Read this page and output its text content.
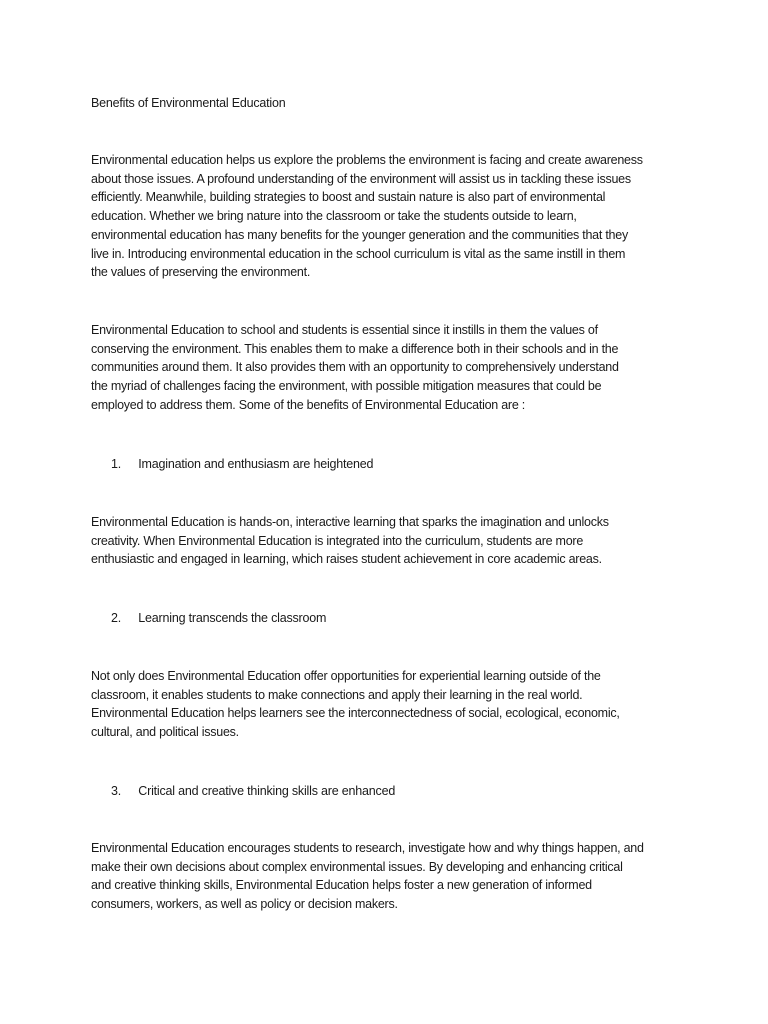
Benefits of Environmental Education

Environmental education helps us explore the problems the environment is facing and create awareness
about those issues. A profound understanding of the environment will assist us in tackling these issues
efficiently. Meanwhile, building strategies to boost and sustain nature is also part of environmental
education. Whether we bring nature into the classroom or take the students outside to learn,
environmental education has many benefits for the younger generation and the communities that they
live in. Introducing environmental education in the school curriculum is vital as the same instill in them
the values of preserving the environment.

Environmental Education to school and students is essential since it instills in them the values of
conserving the environment. This enables them to make a difference both in their schools and in the
communities around them. It also provides them with an opportunity to comprehensively understand
the myriad of challenges facing the environment, with possible mitigation measures that could be
employed to address them. Some of the benefits of Environmental Education are :

1. Imagination and enthusiasm are heightened

Environmental Education is hands-on, interactive learning that sparks the imagination and unlocks
creativity. When Environmental Education is integrated into the curriculum, students are more
enthusiastic and engaged in learning, which raises student achievement in core academic areas.

2. Learning transcends the classroom

Not only does Environmental Education offer opportunities for experiential learning outside of the
classroom, it enables students to make connections and apply their learning in the real world.
Environmental Education helps learners see the interconnectedness of social, ecological, economic,
cultural, and political issues.

3. Critical and creative thinking skills are enhanced

Environmental Education encourages students to research, investigate how and why things happen, and
make their own decisions about complex environmental issues. By developing and enhancing critical
and creative thinking skills, Environmental Education helps foster a new generation of informed
consumers, workers, as well as policy or decision makers.
